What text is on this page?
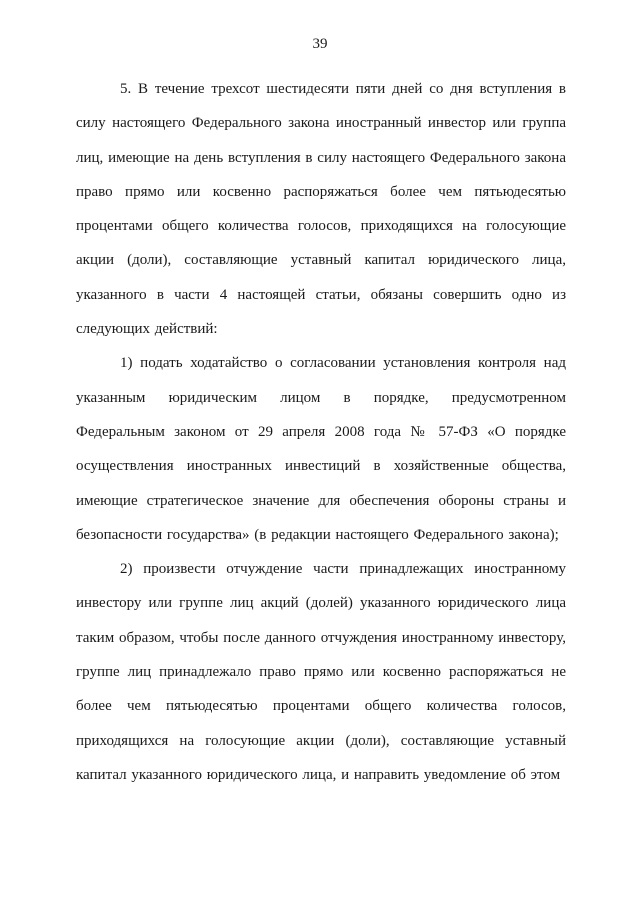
39

5. В течение трехсот шестидесяти пяти дней со дня вступления в силу настоящего Федерального закона иностранный инвестор или группа лиц, имеющие на день вступления в силу настоящего Федерального закона право прямо или косвенно распоряжаться более чем пятьюдесятью процентами общего количества голосов, приходящихся на голосующие акции (доли), составляющие уставный капитал юридического лица, указанного в части 4 настоящей статьи, обязаны совершить одно из следующих действий:

1) подать ходатайство о согласовании установления контроля над указанным юридическим лицом в порядке, предусмотренном Федеральным законом от 29 апреля 2008 года № 57-ФЗ «О порядке осуществления иностранных инвестиций в хозяйственные общества, имеющие стратегическое значение для обеспечения обороны страны и безопасности государства» (в редакции настоящего Федерального закона);

2) произвести отчуждение части принадлежащих иностранному инвестору или группе лиц акций (долей) указанного юридического лица таким образом, чтобы после данного отчуждения иностранному инвестору, группе лиц принадлежало право прямо или косвенно распоряжаться не более чем пятьюдесятью процентами общего количества голосов, приходящихся на голосующие акции (доли), составляющие уставный капитал указанного юридического лица, и направить уведомление об этом
